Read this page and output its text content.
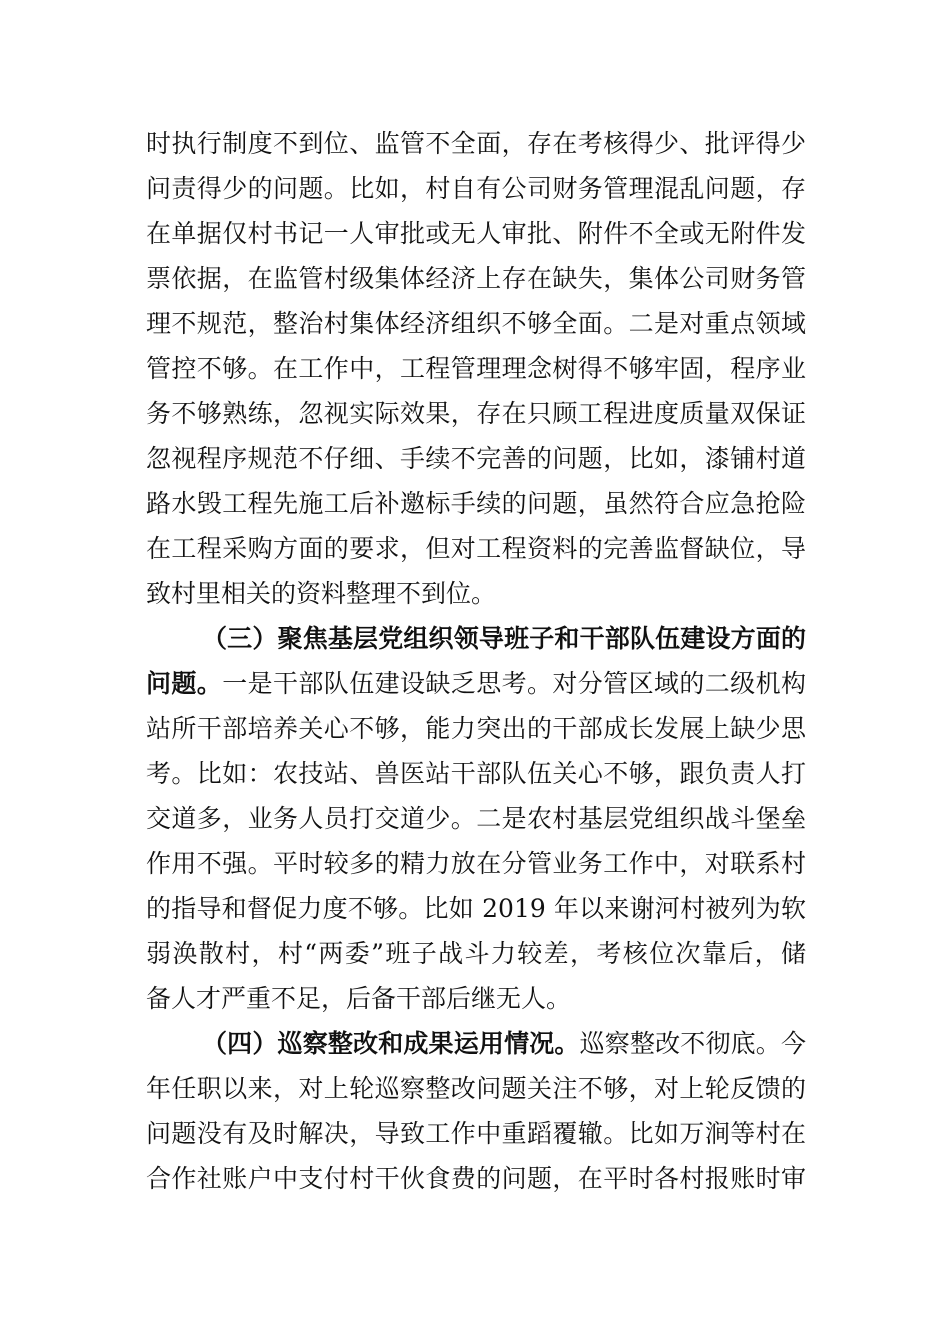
时执行制度不到位、监管不全面，存在考核得少、批评得少
问责得少的问题。比如，村自有公司财务管理混乱问题，存
在单据仅村书记一人审批或无人审批、附件不全或无附件发
票依据，在监管村级集体经济上存在缺失，集体公司财务管
理不规范，整治村集体经济组织不够全面。二是对重点领域
管控不够。在工作中，工程管理理念树得不够牢固，程序业
务不够熟练，忽视实际效果，存在只顾工程进度质量双保证
忽视程序规范不仔细、手续不完善的问题，比如，漆铺村道
路水毁工程先施工后补邀标手续的问题，虽然符合应急抢险
在工程采购方面的要求，但对工程资料的完善监督缺位，导
致村里相关的资料整理不到位。
（三）聚焦基层党组织领导班子和干部队伍建设方面的
问题。一是干部队伍建设缺乏思考。对分管区域的二级机构
站所干部培养关心不够，能力突出的干部成长发展上缺少思
考。比如：农技站、兽医站干部队伍关心不够，跟负责人打
交道多，业务人员打交道少。二是农村基层党组织战斗堡垒
作用不强。平时较多的精力放在分管业务工作中，对联系村
的指导和督促力度不够。比如 2019 年以来谢河村被列为软
弱涣散村，村“两委”班子战斗力较差，考核位次靠后，储
备人才严重不足，后备干部后继无人。
（四）巡察整改和成果运用情况。巡察整改不彻底。今
年任职以来，对上轮巡察整改问题关注不够，对上轮反馈的
问题没有及时解决，导致工作中重蹈覆辙。比如万涧等村在
合作社账户中支付村干伙食费的问题，在平时各村报账时审
